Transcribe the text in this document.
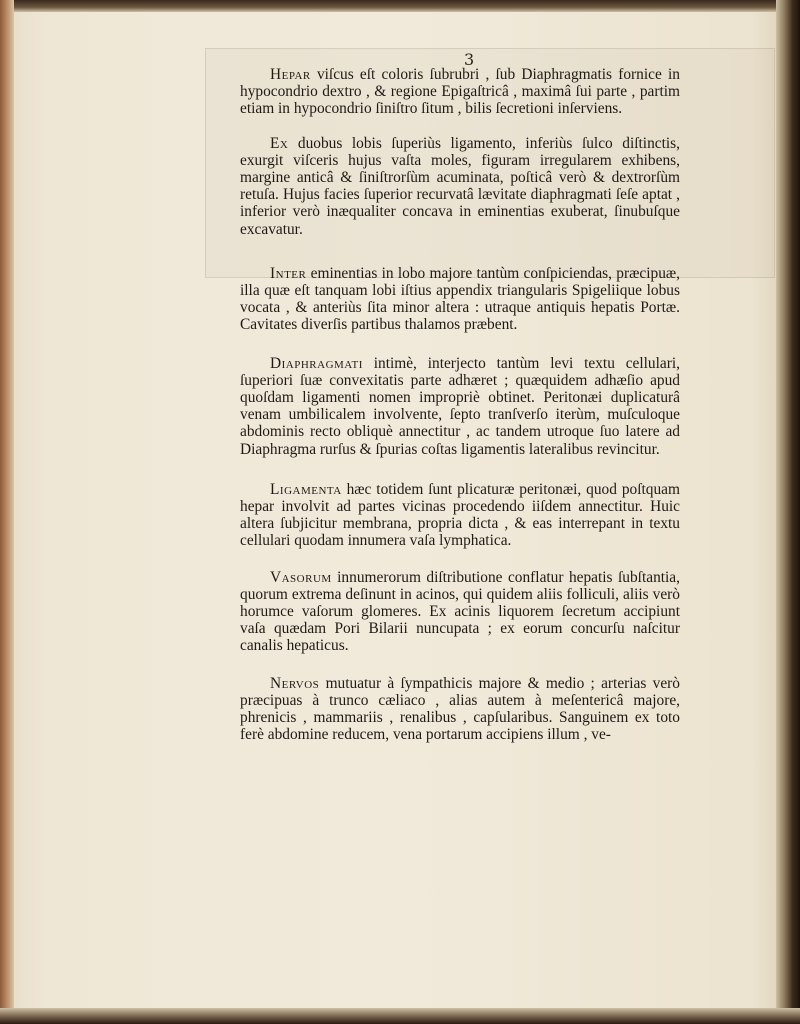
3

Hepar viſcus eſt coloris ſubrubri , ſub Diaphragmatis fornice in hypocondrio dextro , & regione Epigaſtricâ , maximâ ſui parte , partim etiam in hypocondrio ſiniſtro ſitum , bilis ſecretioni inſerviens.

Ex duobus lobis ſuperiùs ligamento, inferiùs ſulco diſtinctis, exurgit viſceris hujus vaſta moles, figuram irregularem exhibens, margine anticâ & ſiniſtrorſùm acuminata, poſticâ verò & dextrorſùm retuſa. Hujus facies ſuperior recurvatâ lævitate diaphragmati ſeſe aptat , inferior verò inæqualiter concava in eminentias exuberat, ſinubuſque excavatur.

Inter eminentias in lobo majore tantùm conſpiciendas, præcipuæ, illa quæ eſt tanquam lobi iſtius appendix triangularis Spigeliique lobus vocata , & anteriùs ſita minor altera : utraque antiquis hepatis Portæ. Cavitates diverſis partibus thalamos præbent.

Diaphragmati intimè, interjecto tantùm levi textu cellulari, ſuperiori ſuæ convexitatis parte adhæret ; quæquidem adhæſio apud quoſdam ligamenti nomen impropriè obtinet. Peritonæi duplicaturâ venam umbilicalem involvente, ſepto tranſverſo iterùm, muſculoque abdominis recto obliquè annectitur , ac tandem utroque ſuo latere ad Diaphragma rurſus & ſpurias coſtas ligamentis lateralibus revincitur.

Ligamenta hæc totidem ſunt plicaturæ peritonæi, quod poſtquam hepar involvit ad partes vicinas procedendo iiſdem annectitur. Huic altera ſubjicitur membrana, propria dicta , & eas interrepant in textu cellulari quodam innumera vaſa lymphatica.

Vasorum innumerorum diſtributione conflatur hepatis ſubſtantia, quorum extrema deſinunt in acinos, qui quidem aliis folliculi, aliis verò horumce vaſorum glomeres. Ex acinis liquorem ſecretum accipiunt vaſa quædam Pori Bilarii nuncupata ; ex eorum concurſu naſcitur canalis hepaticus.

Nervos mutuatur à ſympathicis majore & medio ; arterias verò præcipuas à trunco cæliaco , alias autem à meſentericâ majore, phrenicis , mammariis , renalibus , capſularibus. Sanguinem ex toto ferè abdomine reducem, vena portarum accipiens illum , ve-
